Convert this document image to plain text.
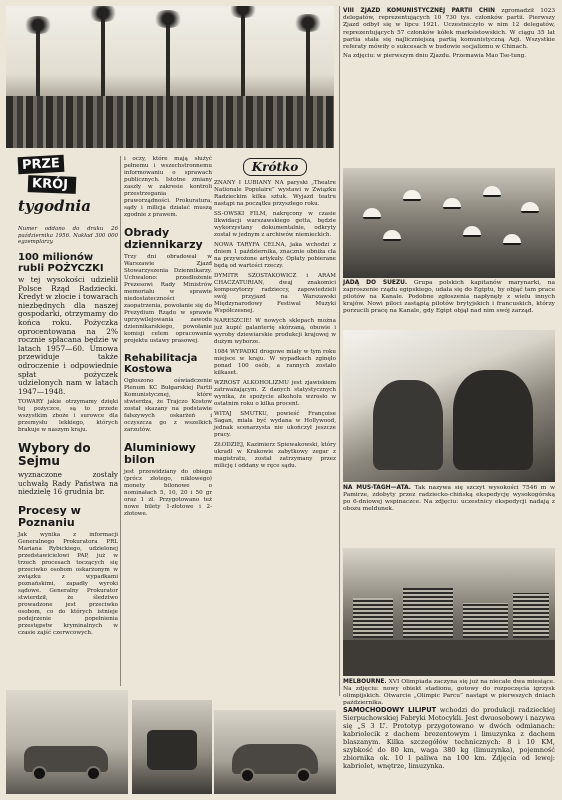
VIII ZJAZD KOMUNISTYCZNEJ PARTII CHIN zgromadził 1023 delegatów, reprezentujących 10 730 tys. członków partii. Pierwszy Zjazd odbył się w lipcu 1921. Uczestniczyło w nim 12 delegatów, reprezentujących 57 członków kółek marksistowskich. W ciągu 35 lat partia stała się najliczniejszą partią komunistyczną Azji. Wszystkie referaty mówiły o sukcesach w budowie socjalizmu w Chinach.
Na zdjęciu: w pierwszym dniu Zjazdu. Przemawia Mao Tse-tung.
PRZE
KRÓJ
tygodnia
Numer oddano do druku 26 października 1956. Nakład 300 000 egzemplarzy.
100 milionów rubli POŻYCZKI
w tej wysokości udzielił Polsce Rząd Radziecki. Kredyt w złocie i towarach niezbędnych dla naszej gospodarki, otrzymamy do końca roku. Pożyczka oprocentowana na 2% rocznie spłacana będzie w latach 1957—60. Umowa przewiduje także odroczenie i odpowiednie spłat pożyczek udzielonych nam w latach 1947—1948.
TOWARY jakie otrzymamy dzięki tej pożyczce, są to przede wszystkim zboże i surowce dla przemysłu lekkiego, których brakuje w naszym kraju.
Wybory do Sejmu
wyznaczone zostały uchwałą Rady Państwa na niedzielę 16 grudnia br.
Procesy w Poznaniu
Jak wynika z informacji Generalnego Prokuratora PRL Mariana Rybickiego, udzielonej przedstawicielowi PAP, już w trzech procesach toczących się przeciwko osobom oskarżonym w związku z wypadkami poznańskimi, zapadły wyroki sądowe. Generalny Prokurator stwierdził, że śledztwo prowadzone jest przeciwko osobom, co do których istnieje podejrzenie popełnienia przestępstw kryminalnych w czasie zajść czerwcowych.
i oczy, które mają służyć pełnemu i wszechstronnemu informowaniu o sprawach publicznych. Istotne zmiany zaszły w zakresie kontroli przestrzegania praworządności. Prokuratura, sądy i milicja działać muszą zgodnie z prawem.
Obrady dziennikarzy
Trzy dni obradował w Warszawie Zjazd Stowarzyszenia Dziennikarzy. Uchwalono: przedłożenie Prezesowi Rady Ministrów memoriału w sprawie niedostateczności zaopatrzenia, powołanie się do Prezydium Rządu w sprawie uprzywilejowania zawodu dziennikarskiego, powołanie komisji celem opracowania projektu ustawy prasowej.
Rehabilitacja Kostowa
Ogłoszono oświadczenie Plenum KC Bułgarskiej Partii Komunistycznej, które stwierdza, że Trajczo Kostow został skazany na podstawie fałszywych oskarżeń i oczyszcza go z wszelkich zarzutów.
Aluminiowy bilon
jest przewidziany do obiegu (prócz złotego, niklowego) monety bilonowe o nominałach 5, 10, 20 i 50 gr oraz 1 zł. Przygotowano też nowe bilety 1-złotowe i 2-złotowe.
Krótko
ZNANY I LUBIANY NA paryski „Theatre Nationale Populaire” wystawi w Związku Radzieckim kilka sztuk. Wyjazd teatru nastąpi na początku przyszłego roku.
SS-OWSKI FILM, nakręcony w czasie likwidacji warszawskiego getta, będzie wykorzystany dokumentalnie, odkryty został w jednym z archiwów niemieckich.
NOWA TARYFA CELNA, jaka wchodzi z dniem 1 października, znacznie obniża cła na przywożone artykuły. Opłaty pobierane będą od wartości rzeczy.
DYMITR SZOSTAKOWICZ i ARAM CHACZATURIAN, dwaj znakomici kompozytorzy radzieccy, zapowiedzieli swój przyjazd na Warszawski Międzynarodowy Festiwal Muzyki Współczesnej.
NARESZCIE! W nowych sklepach można już kupić galanterię skórzaną, obuwie i wyroby dziewiarskie produkcji krajowej w dużym wyborze.
1084 WYPADKI drogowe miały w tym roku miejsce w kraju. W wypadkach zginęło ponad 100 osób, a rannych zostało kilkaset.
WZROST ALKOHOLIZMU jest zjawiskiem zatrważającym. Z danych statystycznych wynika, że spożycie alkoholu wzrosło w ostatnim roku o kilka procent.
WITAJ SMUTKU, powieść Françoise Sagan, miała być wydana w Hollywood, jednak scenarzysta nie ukończył jeszcze pracy.
ZŁODZIEJ, Kazimierz Spiewakowski, który ukradł w Krakowie zabytkowy zegar z magistratu, został zatrzymany przez milicję i oddany w ręce sądu.
JADĄ DO SUEZU. Grupa polskich kapitanów marynarki, na zaproszenie rządu egipskiego, udała się do Egiptu, by objąć tam prace pilotów na Kanale. Podobne zgłoszenia napłynęły z wielu innych krajów. Nowi piloci zastąpią pilotów brytyjskich i francuskich, którzy porzucili pracę na Kanale, gdy Egipt objął nad nim swój zarząd.
NA MUS-TAGH—ATA. Tak nazywa się szczyt wysokości 7546 m w Pamirze, zdobyty przez radziecko-chińską ekspedycję wysokogórską po 6-dniowej wspinaczce. Na zdjęciu: uczestnicy ekspedycji nadają z obozu meldunek.
MELBOURNE. XVI Olimpiada zaczyna się już na niecałe dwa miesiące. Na zdjęciu: nowy obiekt stadionu, gotowy do rozpoczęcia igrzysk olimpijskich. Otwarcie „Olimpic Parcu” nastąpi w pierwszych dniach października.
SAMOCHODOWY LILIPUT wchodzi do produkcji radzieckiej Sierpuchowskiej Fabryki Motocykli. Jest dwuosobowy i nazywa się „S 3 L”. Prototyp przygotowano w dwóch odmianach: kabriolecik z dachem brezentowym i limuzynka z dachem blaszanym. Kilka szczegółów technicznych: 8 i 10 KM, szybkość do 80 km, waga 380 kg (limuzynka), pojemność zbiornika ok. 10 l paliwa na 100 km. Zdjęcia od lewej: kabriolet, wnętrze, limuzynka.
